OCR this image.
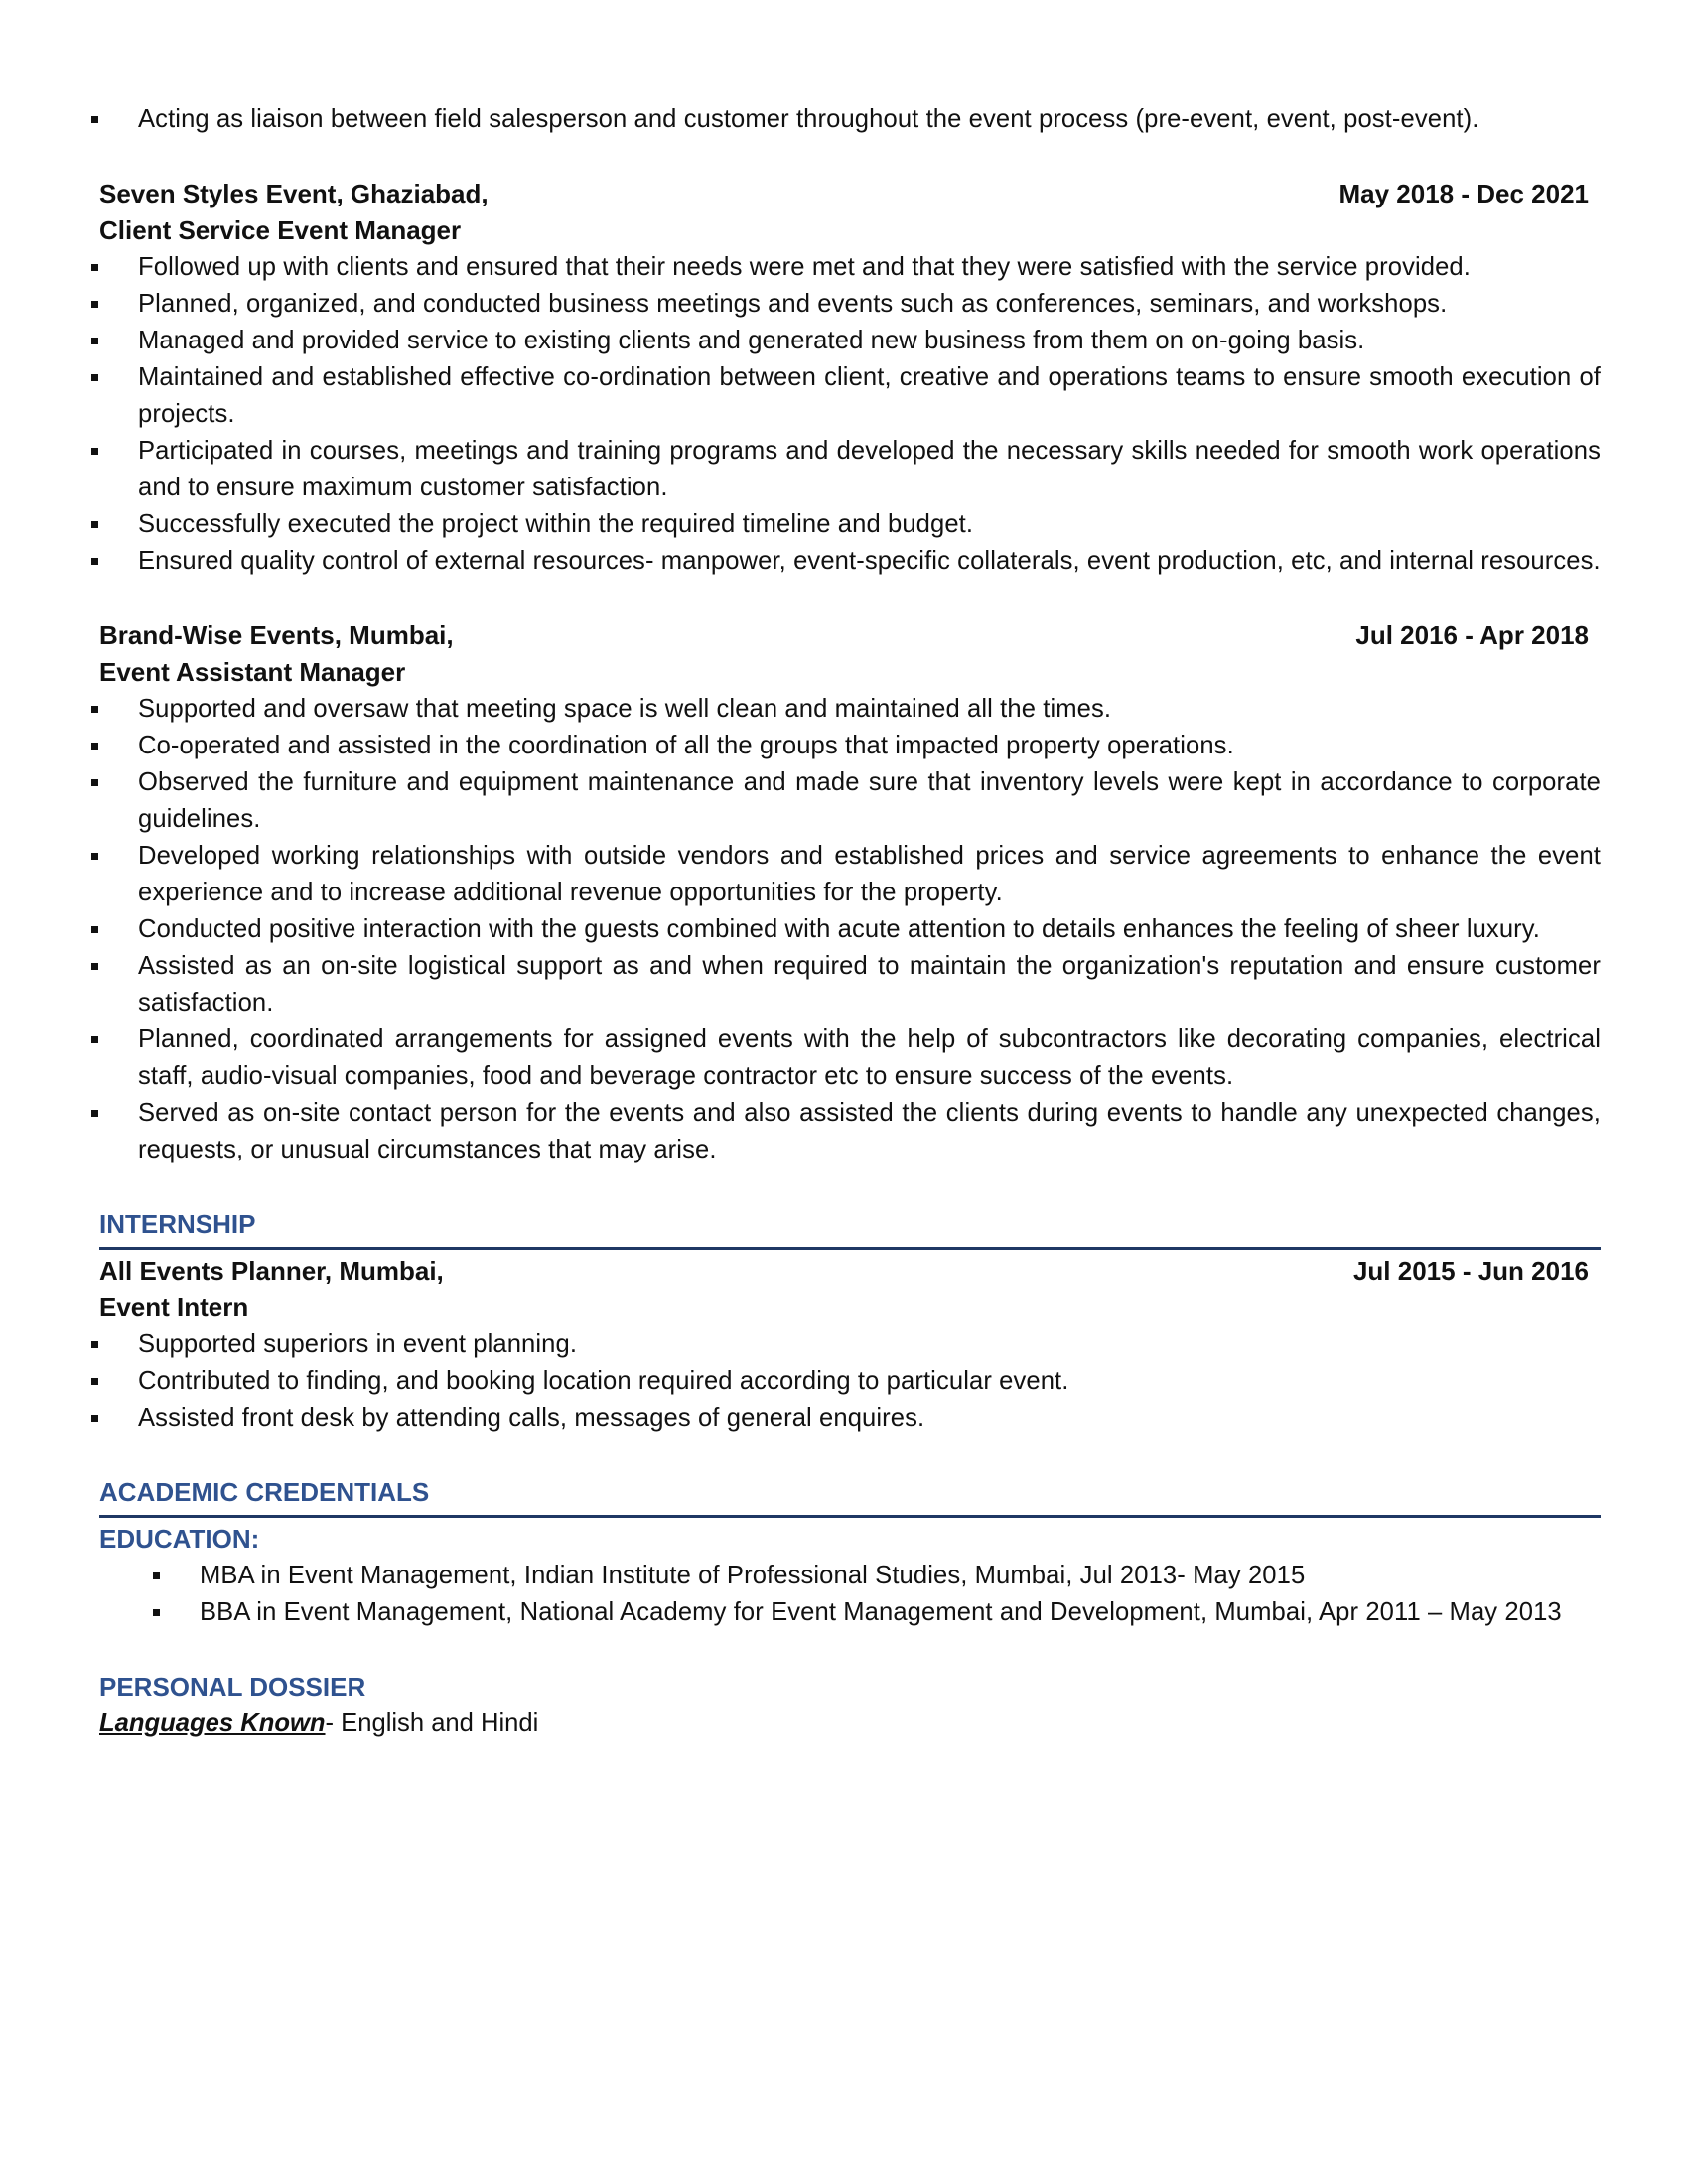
Acting as liaison between field salesperson and customer throughout the event process (pre-event, event, post-event).
Seven Styles Event, Ghaziabad,	May 2018 - Dec 2021
Client Service Event Manager
Followed up with clients and ensured that their needs were met and that they were satisfied with the service provided.
Planned, organized, and conducted business meetings and events such as conferences, seminars, and workshops.
Managed and provided service to existing clients and generated new business from them on on-going basis.
Maintained and established effective co-ordination between client, creative and operations teams to ensure smooth execution of projects.
Participated in courses, meetings and training programs and developed the necessary skills needed for smooth work operations and to ensure maximum customer satisfaction.
Successfully executed the project within the required timeline and budget.
Ensured quality control of external resources- manpower, event-specific collaterals, event production, etc, and internal resources.
Brand-Wise Events, Mumbai,	Jul 2016 - Apr 2018
Event Assistant Manager
Supported and oversaw that meeting space is well clean and maintained all the times.
Co-operated and assisted in the coordination of all the groups that impacted property operations.
Observed the furniture and equipment maintenance and made sure that inventory levels were kept in accordance to corporate guidelines.
Developed working relationships with outside vendors and established prices and service agreements to enhance the event experience and to increase additional revenue opportunities for the property.
Conducted positive interaction with the guests combined with acute attention to details enhances the feeling of sheer luxury.
Assisted as an on-site logistical support as and when required to maintain the organization's reputation and ensure customer satisfaction.
Planned, coordinated arrangements for assigned events with the help of subcontractors like decorating companies, electrical staff, audio-visual companies, food and beverage contractor etc to ensure success of the events.
Served as on-site contact person for the events and also assisted the clients during events to handle any unexpected changes, requests, or unusual circumstances that may arise.
INTERNSHIP
All Events Planner, Mumbai,	Jul 2015 - Jun 2016
Event Intern
Supported superiors in event planning.
Contributed to finding, and booking location required according to particular event.
Assisted front desk by attending calls, messages of general enquires.
ACADEMIC CREDENTIALS
EDUCATION:
MBA in Event Management, Indian Institute of Professional Studies, Mumbai, Jul 2013- May 2015
BBA in Event Management, National Academy for Event Management and Development, Mumbai, Apr 2011 – May 2013
PERSONAL DOSSIER
Languages Known- English and Hindi
